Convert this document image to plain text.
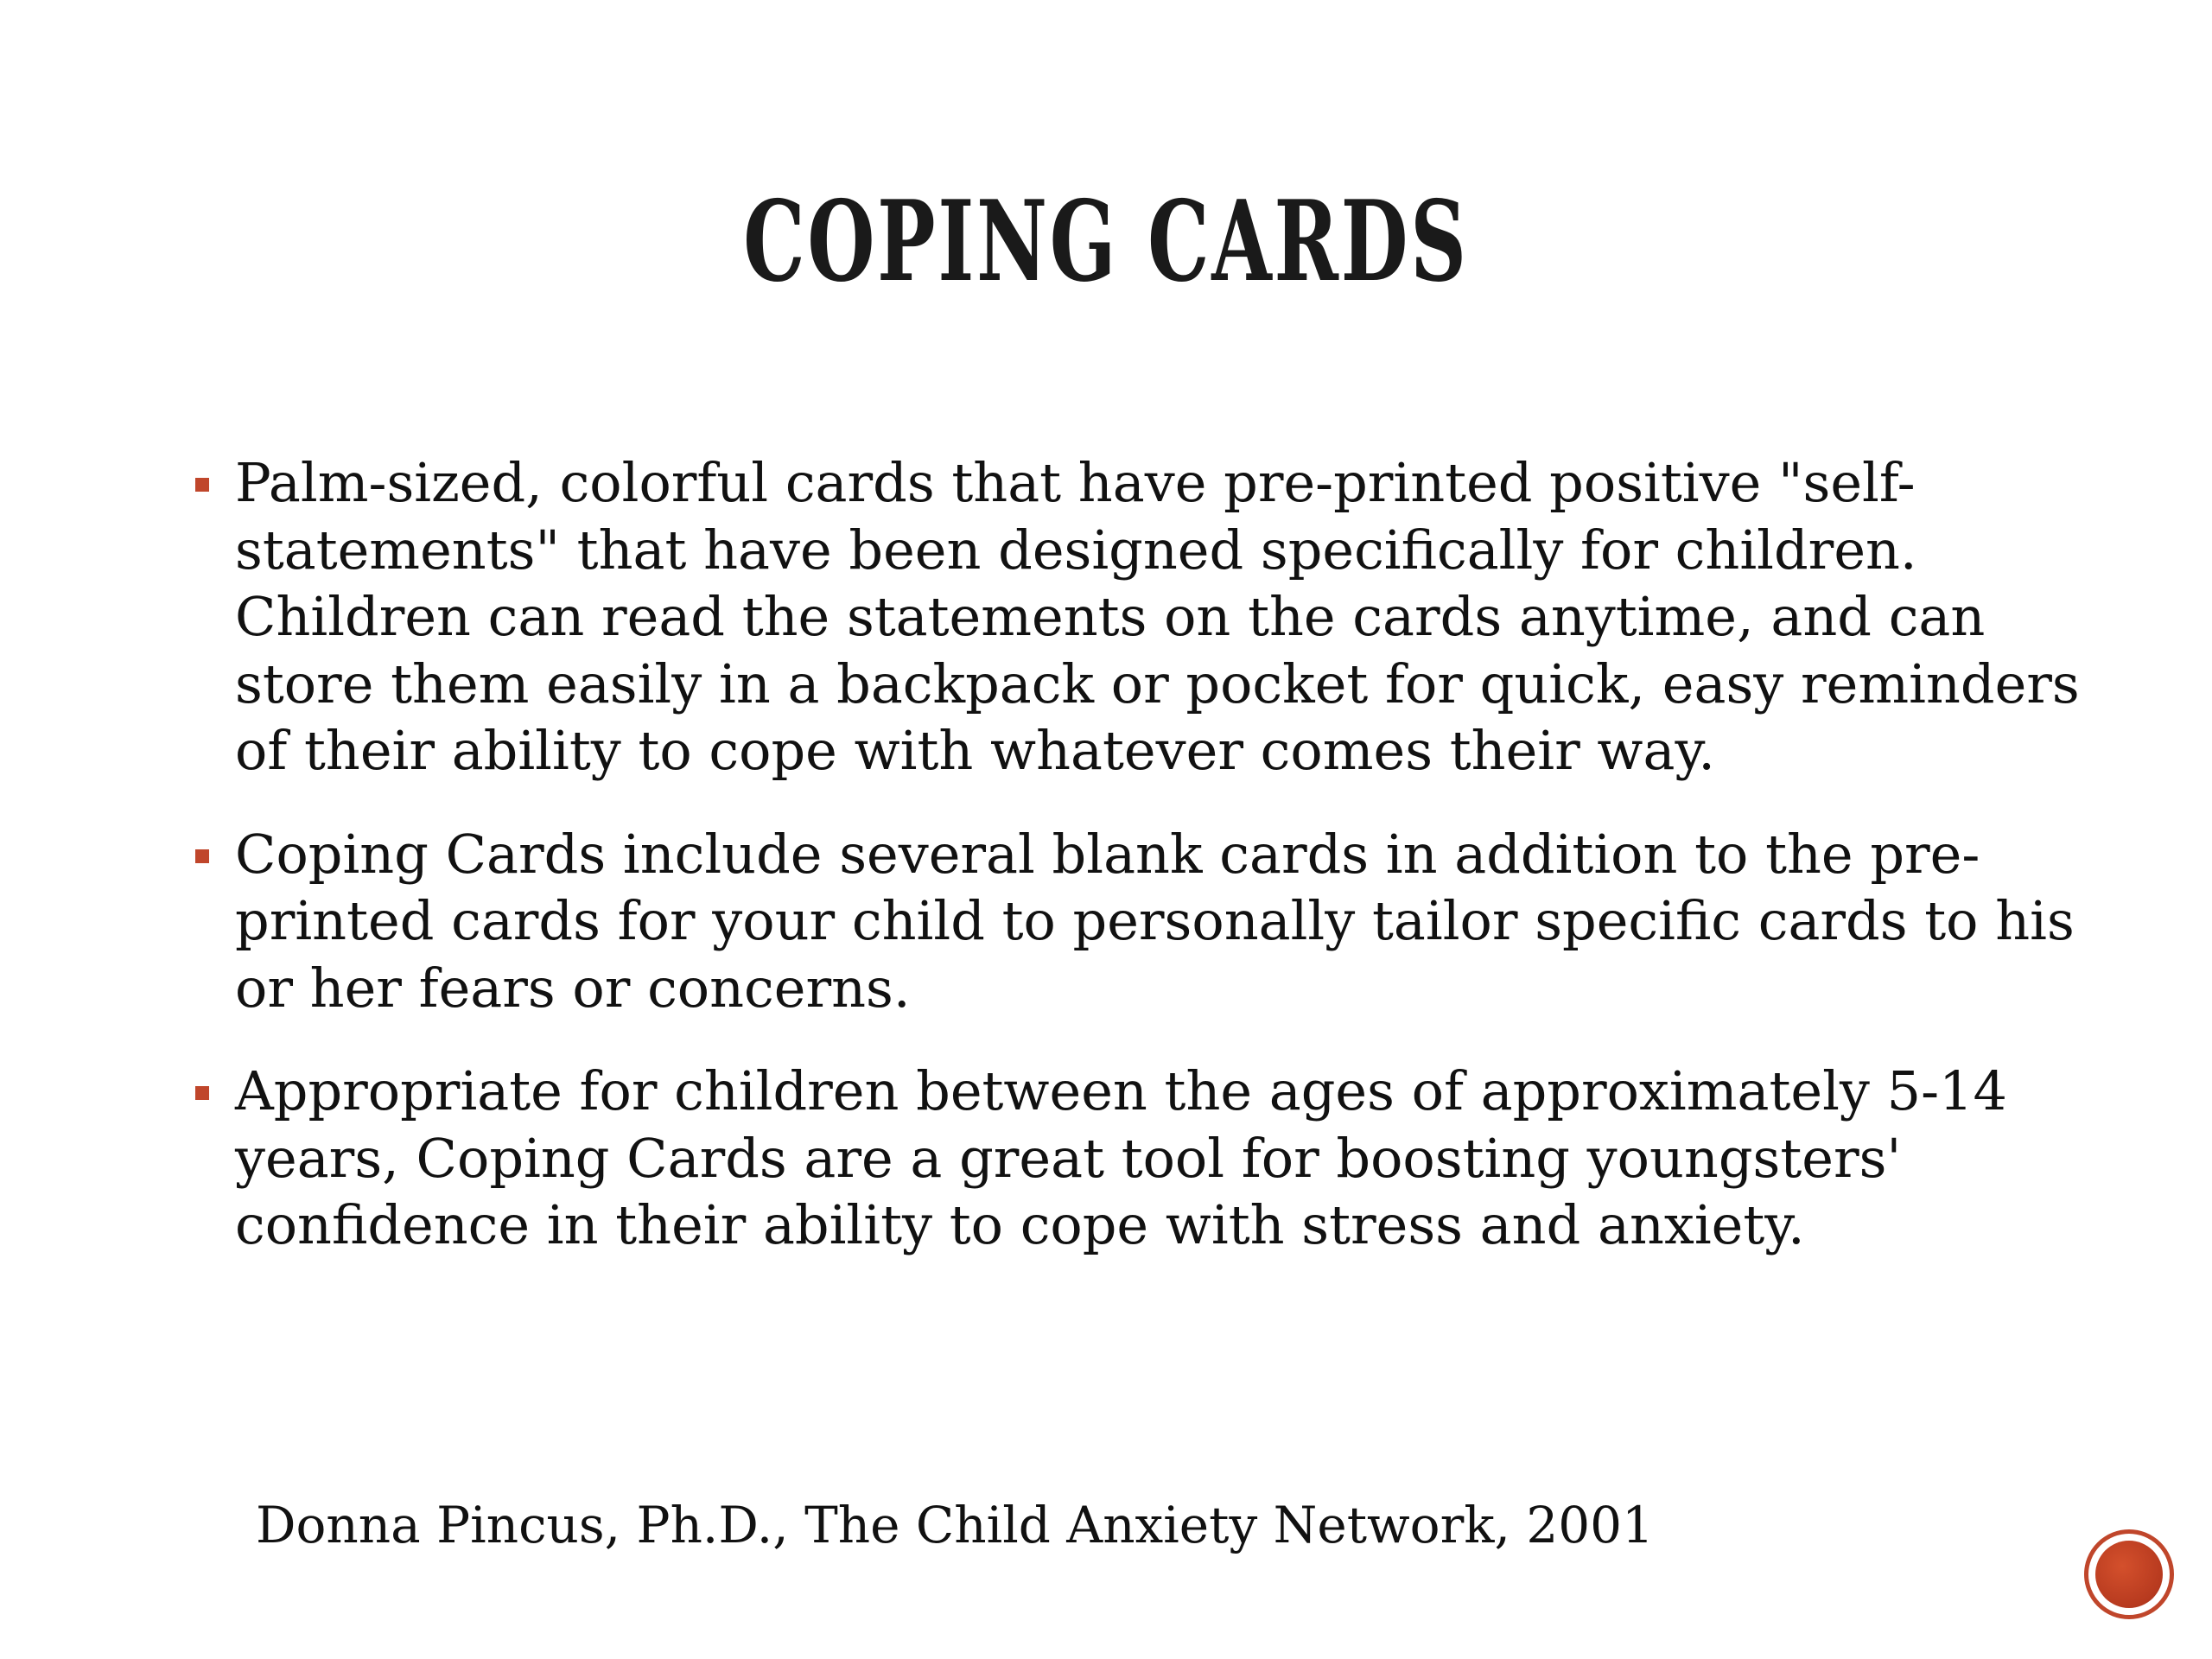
COPING CARDS
Palm-sized, colorful cards that have pre-printed positive "self-statements" that have been designed specifically for children. Children can read the statements on the cards anytime, and can store them easily in a backpack or pocket for quick, easy reminders of their ability to cope with whatever comes their way.
Coping Cards include several blank cards in addition to the pre-printed cards for your child to personally tailor specific cards to his or her fears or concerns.
Appropriate for children between the ages of approximately 5-14 years, Coping Cards are a great tool for boosting youngsters' confidence in their ability to cope with stress and anxiety.
Donna Pincus, Ph.D., The Child Anxiety Network, 2001
